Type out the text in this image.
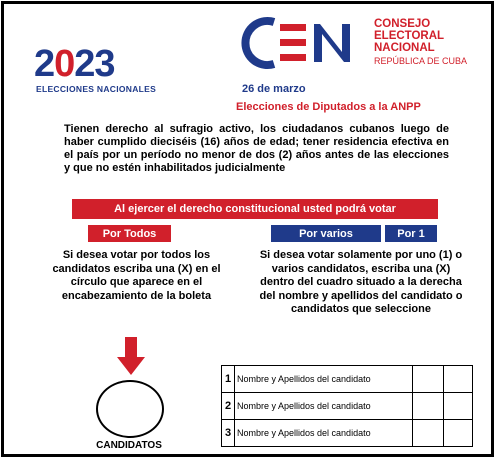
2023
ELECCIONES NACIONALES
CONSEJO
ELECTORAL
NACIONAL
REPÚBLICA DE CUBA
26 de marzo
Elecciones de Diputados a la ANPP
Tienen derecho al sufragio activo, los ciudadanos cubanos luego de haber cumplido dieciséis (16) años de edad; tener residencia efectiva en el país por un período no menor de dos (2) años antes de las elecciones y que no estén inhabilitados judicialmente
Al ejercer el derecho constitucional usted podrá votar
Por Todos	Por varios	Por 1
Si desea votar por todos los candidatos escriba una (X) en el círculo que aparece en el encabezamiento de la boleta
Si desea votar solamente por uno (1) o varios candidatos, escriba una (X) dentro del cuadro situado a la derecha del nombre y apellidos del candidato o candidatos que seleccione
CANDIDATOS
1	Nombre y Apellidos del candidato		
2	Nombre y Apellidos del candidato		
3	Nombre y Apellidos del candidato		
